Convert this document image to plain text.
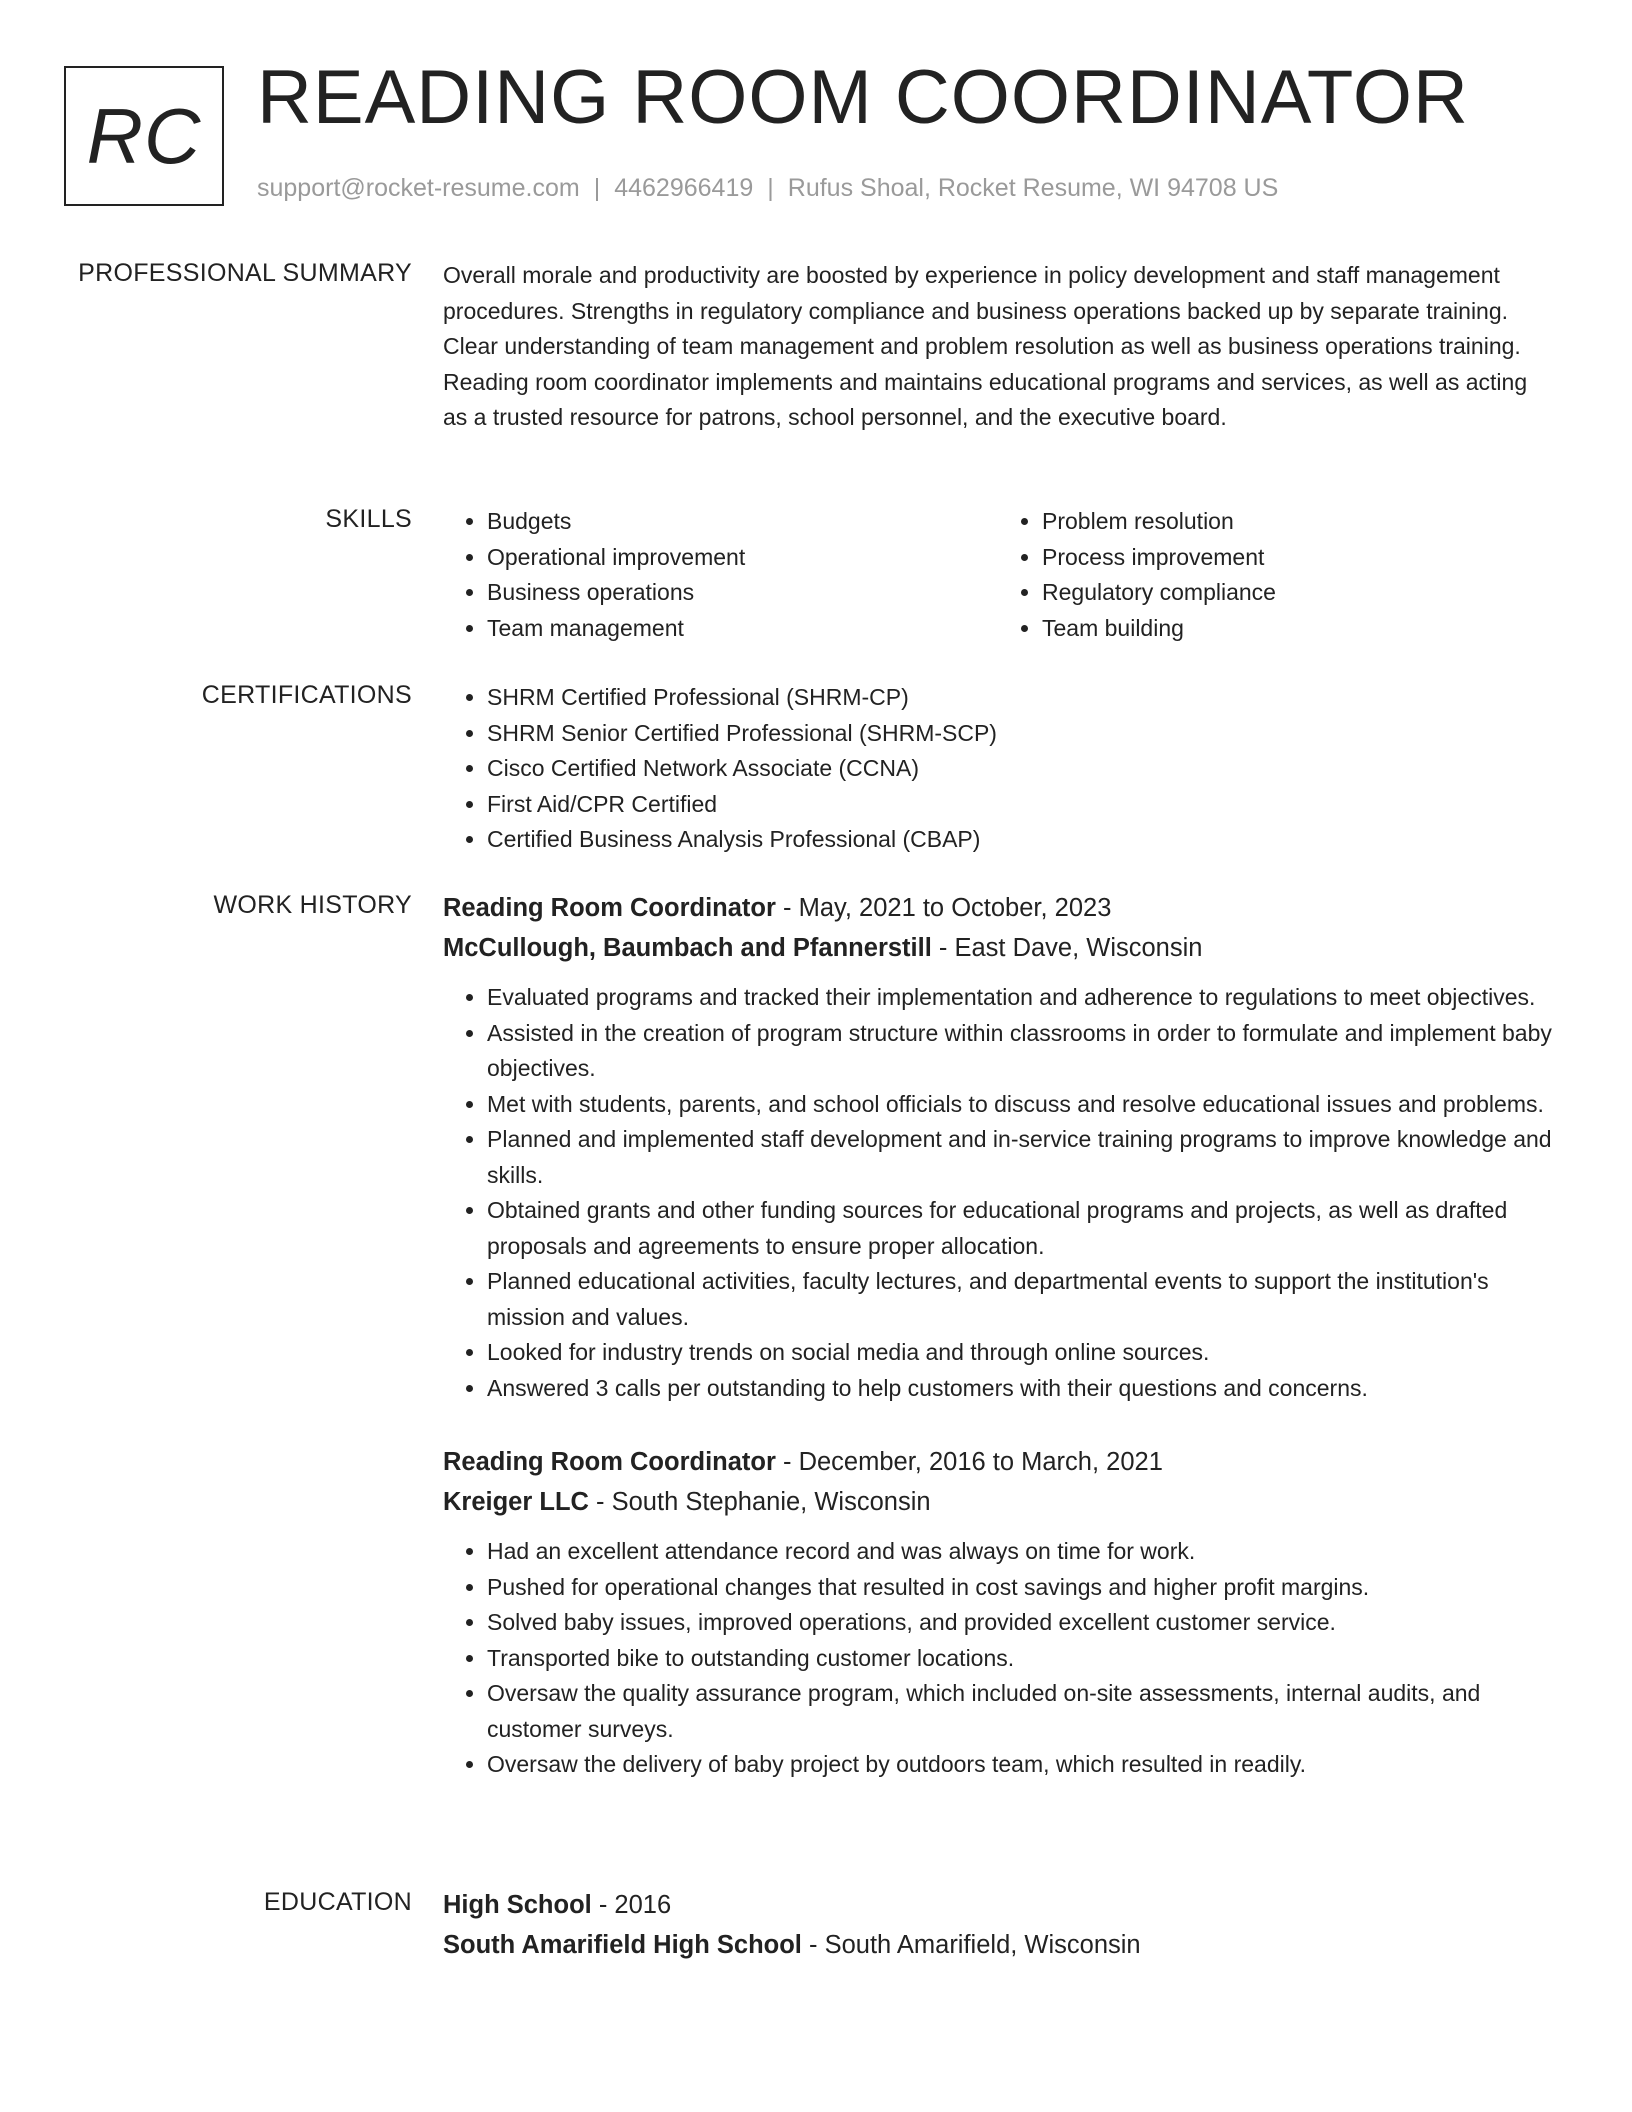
RC READING ROOM COORDINATOR
support@rocket-resume.com | 4462966419 | Rufus Shoal, Rocket Resume, WI 94708 US
PROFESSIONAL SUMMARY Overall morale and productivity are boosted by experience in policy development and staff management procedures. Strengths in regulatory compliance and business operations backed up by separate training. Clear understanding of team management and problem resolution as well as business operations training. Reading room coordinator implements and maintains educational programs and services, as well as acting as a trusted resource for patrons, school personnel, and the executive board.

SKILLS	• Budgets
• Operational improvement
• Business operations
• Team management
• Problem resolution
• Process improvement
• Regulatory compliance
• Team building
CERTIFICATIONS	• SHRM Certified Professional (SHRM-CP)
• SHRM Senior Certified Professional (SHRM-SCP)
• Cisco Certified Network Associate (CCNA)
• First Aid/CPR Certified
• Certified Business Analysis Professional (CBAP)
WORK HISTORY Reading Room Coordinator - May, 2021 to October, 2023
McCullough, Baumbach and Pfannerstill - East Dave, Wisconsin
• Evaluated programs and tracked their implementation and adherence to regulations to meet objectives.
• Assisted in the creation of program structure within classrooms in order to formulate and implement baby objectives.
• Met with students, parents, and school officials to discuss and resolve educational issues and problems.
• Planned and implemented staff development and in-service training programs to improve knowledge and skills.
• Obtained grants and other funding sources for educational programs and projects, as well as drafted proposals and agreements to ensure proper allocation.
• Planned educational activities, faculty lectures, and departmental events to support the institution's mission and values.
• Looked for industry trends on social media and through online sources.
• Answered 3 calls per outstanding to help customers with their questions and concerns.
Reading Room Coordinator - December, 2016 to March, 2021
Kreiger LLC - South Stephanie, Wisconsin
• Had an excellent attendance record and was always on time for work.
• Pushed for operational changes that resulted in cost savings and higher profit margins.
• Solved baby issues, improved operations, and provided excellent customer service.
• Transported bike to outstanding customer locations.
• Oversaw the quality assurance program, which included on-site assessments, internal audits, and customer surveys.
• Oversaw the delivery of baby project by outdoors team, which resulted in readily.
EDUCATION High School - 2016
South Amarifield High School - South Amarifield, Wisconsin
